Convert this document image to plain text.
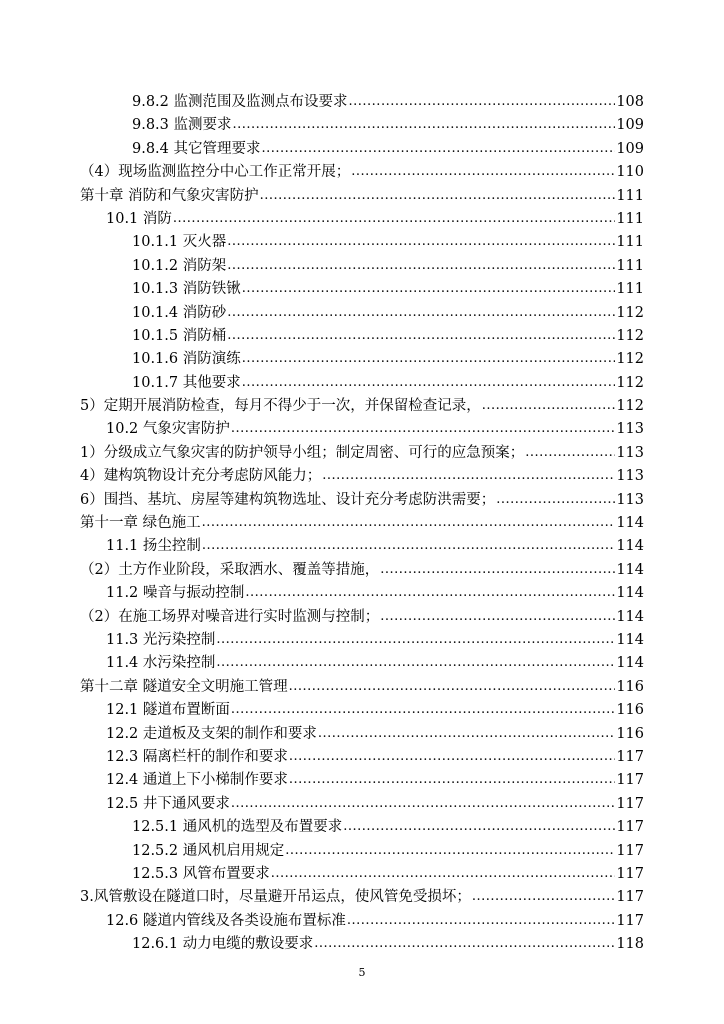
9.8.2 监测范围及监测点布设要求 .....	108
9.8.3 监测要求 .....	109
9.8.4 其它管理要求 .....	109
（4）现场监测监控分中心工作正常开展； .....	110
第十章 消防和气象灾害防护 .....	111
10.1 消防 .....	111
10.1.1 灭火器 .....	111
10.1.2 消防架 .....	111
10.1.3 消防铁锹 .....	111
10.1.4 消防砂 .....	112
10.1.5 消防桶 .....	112
10.1.6 消防演练 .....	112
10.1.7 其他要求 .....	112
5）定期开展消防检查，每月不得少于一次，并保留检查记录， .....	112
10.2 气象灾害防护 .....	113
1）分级成立气象灾害的防护领导小组；制定周密、可行的应急预案； .....	113
4）建构筑物设计充分考虑防风能力； .....	113
6）围挡、基坑、房屋等建构筑物选址、设计充分考虑防洪需要； .....	113
第十一章 绿色施工 .....	114
11.1 扬尘控制 .....	114
（2）土方作业阶段，采取洒水、覆盖等措施， .....	114
11.2 噪音与振动控制 .....	114
（2）在施工场界对噪音进行实时监测与控制； .....	114
11.3 光污染控制 .....	114
11.4 水污染控制 .....	114
第十二章 隧道安全文明施工管理 .....	116
12.1 隧道布置断面 .....	116
12.2 走道板及支架的制作和要求 .....	116
12.3 隔离栏杆的制作和要求 .....	117
12.4 通道上下小梯制作要求 .....	117
12.5 井下通风要求 .....	117
12.5.1 通风机的选型及布置要求 .....	117
12.5.2 通风机启用规定 .....	117
12.5.3 风管布置要求 .....	117
3.风管敷设在隧道口时，尽量避开吊运点，使风管免受损坏； .....	117
12.6 隧道内管线及各类设施布置标准 .....	117
12.6.1 动力电缆的敷设要求 .....	118
5
